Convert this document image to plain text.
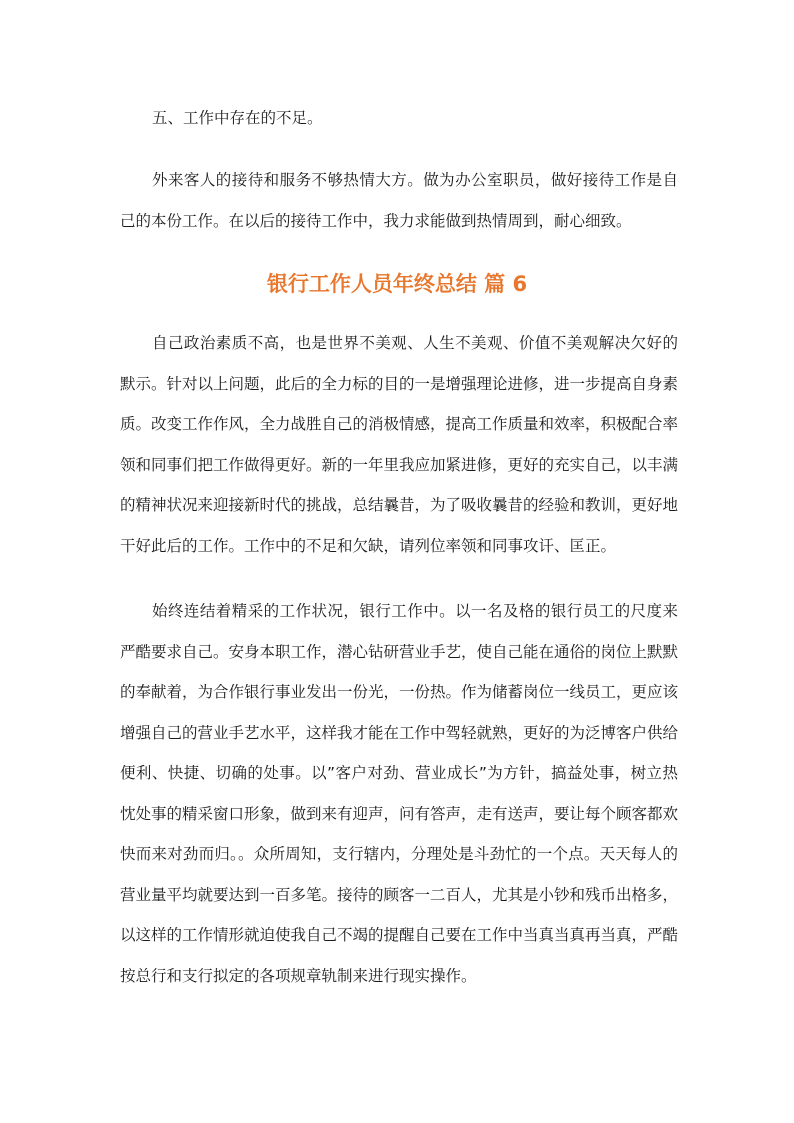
五、工作中存在的不足。

外来客人的接待和服务不够热情大方。做为办公室职员，做好接待工作是自己的本份工作。在以后的接待工作中，我力求能做到热情周到，耐心细致。

银行工作人员年终总结 篇 6

自己政治素质不高，也是世界不美观、人生不美观、价值不美观解决欠好的默示。针对以上问题，此后的全力标的目的一是增强理论进修，进一步提高自身素质。改变工作作风，全力战胜自己的消极情感，提高工作质量和效率，积极配合率领和同事们把工作做得更好。新的一年里我应加紧进修，更好的充实自己，以丰满的精神状况来迎接新时代的挑战，总结曩昔，为了吸收曩昔的经验和教训，更好地干好此后的工作。工作中的不足和欠缺，请列位率领和同事攻讦、匡正。

始终连结着精采的工作状况，银行工作中。以一名及格的银行员工的尺度来严酷要求自己。安身本职工作，潜心钻研营业手艺，使自己能在通俗的岗位上默默的奉献着，为合作银行事业发出一份光，一份热。作为储蓄岗位一线员工，更应该增强自己的营业手艺水平，这样我才能在工作中驾轻就熟，更好的为泛博客户供给便利、快捷、切确的处事。以”客户对劲、营业成长”为方针，搞益处事，树立热忱处事的精采窗口形象，做到来有迎声，问有答声，走有送声，要让每个顾客都欢快而来对劲而归。。众所周知，支行辖内，分理处是斗劲忙的一个点。天天每人的营业量平均就要达到一百多笔。接待的顾客一二百人，尤其是小钞和残币出格多，以这样的工作情形就迫使我自己不竭的提醒自己要在工作中当真当真再当真，严酷按总行和支行拟定的各项规章轨制来进行现实操作。
